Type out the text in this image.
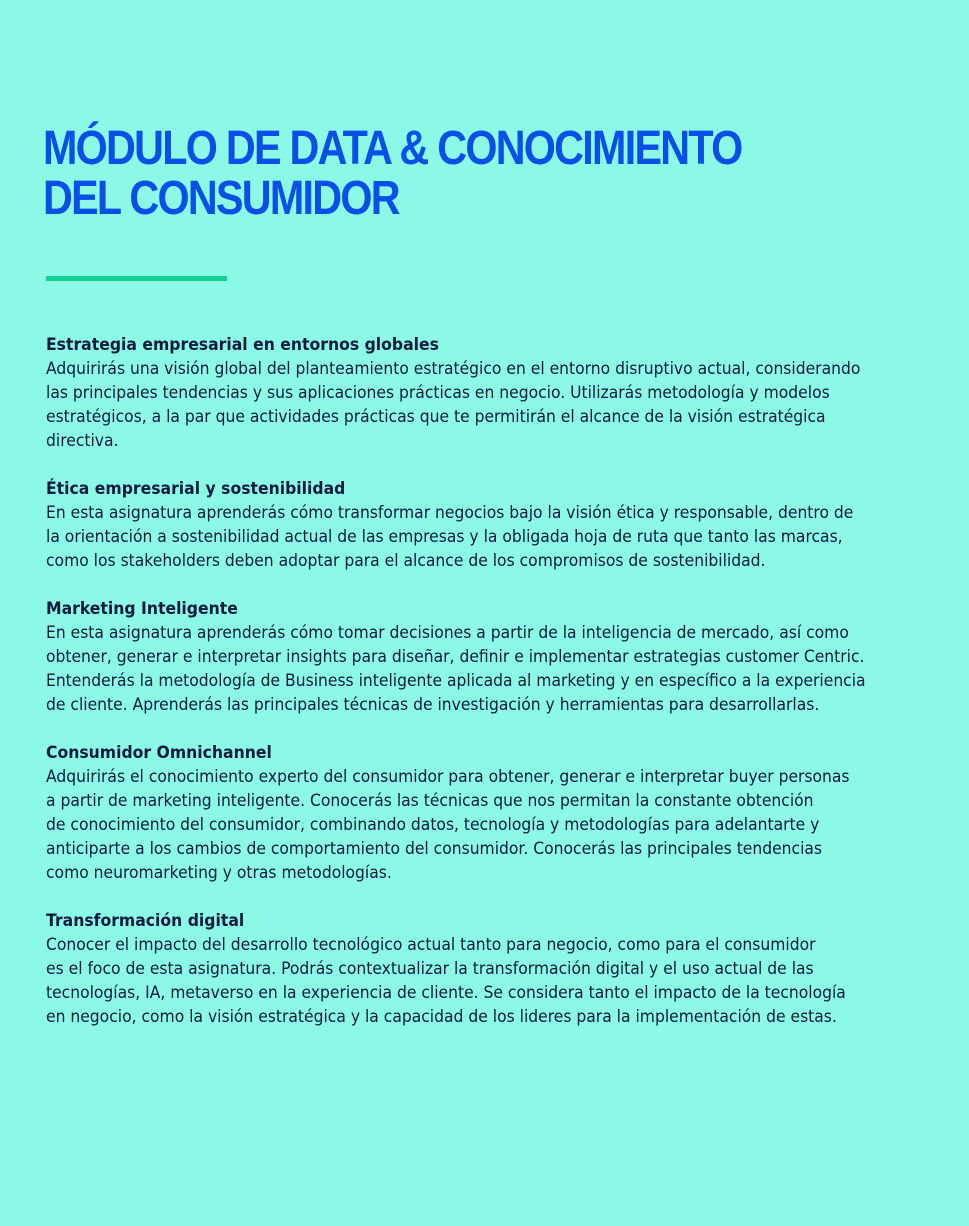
MÓDULO DE DATA & CONOCIMIENTO
DEL CONSUMIDOR
Estrategia empresarial en entornos globales
Adquirirás una visión global del planteamiento estratégico en el entorno disruptivo actual, considerando
las principales tendencias y sus aplicaciones prácticas en negocio. Utilizarás metodología y modelos
estratégicos, a la par que actividades prácticas que te permitirán el alcance de la visión estratégica
directiva.
Ética empresarial y sostenibilidad
En esta asignatura aprenderás cómo transformar negocios bajo la visión ética y responsable, dentro de
la orientación a sostenibilidad actual de las empresas y la obligada hoja de ruta que tanto las marcas,
como los stakeholders deben adoptar para el alcance de los compromisos de sostenibilidad.
Marketing Inteligente
En esta asignatura aprenderás cómo tomar decisiones a partir de la inteligencia de mercado, así como
obtener, generar e interpretar insights para diseñar, definir e implementar estrategias customer Centric.
Entenderás la metodología de Business inteligente aplicada al marketing y en específico a la experiencia
de cliente. Aprenderás las principales técnicas de investigación y herramientas para desarrollarlas.
Consumidor Omnichannel
Adquirirás el conocimiento experto del consumidor para obtener, generar e interpretar buyer personas
a partir de marketing inteligente. Conocerás las técnicas que nos permitan la constante obtención
de conocimiento del consumidor, combinando datos, tecnología y metodologías para adelantarte y
anticiparte a los cambios de comportamiento del consumidor. Conocerás las principales tendencias
como neuromarketing y otras metodologías.
Transformación digital
Conocer el impacto del desarrollo tecnológico actual tanto para negocio, como para el consumidor
es el foco de esta asignatura. Podrás contextualizar la transformación digital y el uso actual de las
tecnologías, IA, metaverso en la experiencia de cliente. Se considera tanto el impacto de la tecnología
en negocio, como la visión estratégica y la capacidad de los lideres para la implementación de estas.
